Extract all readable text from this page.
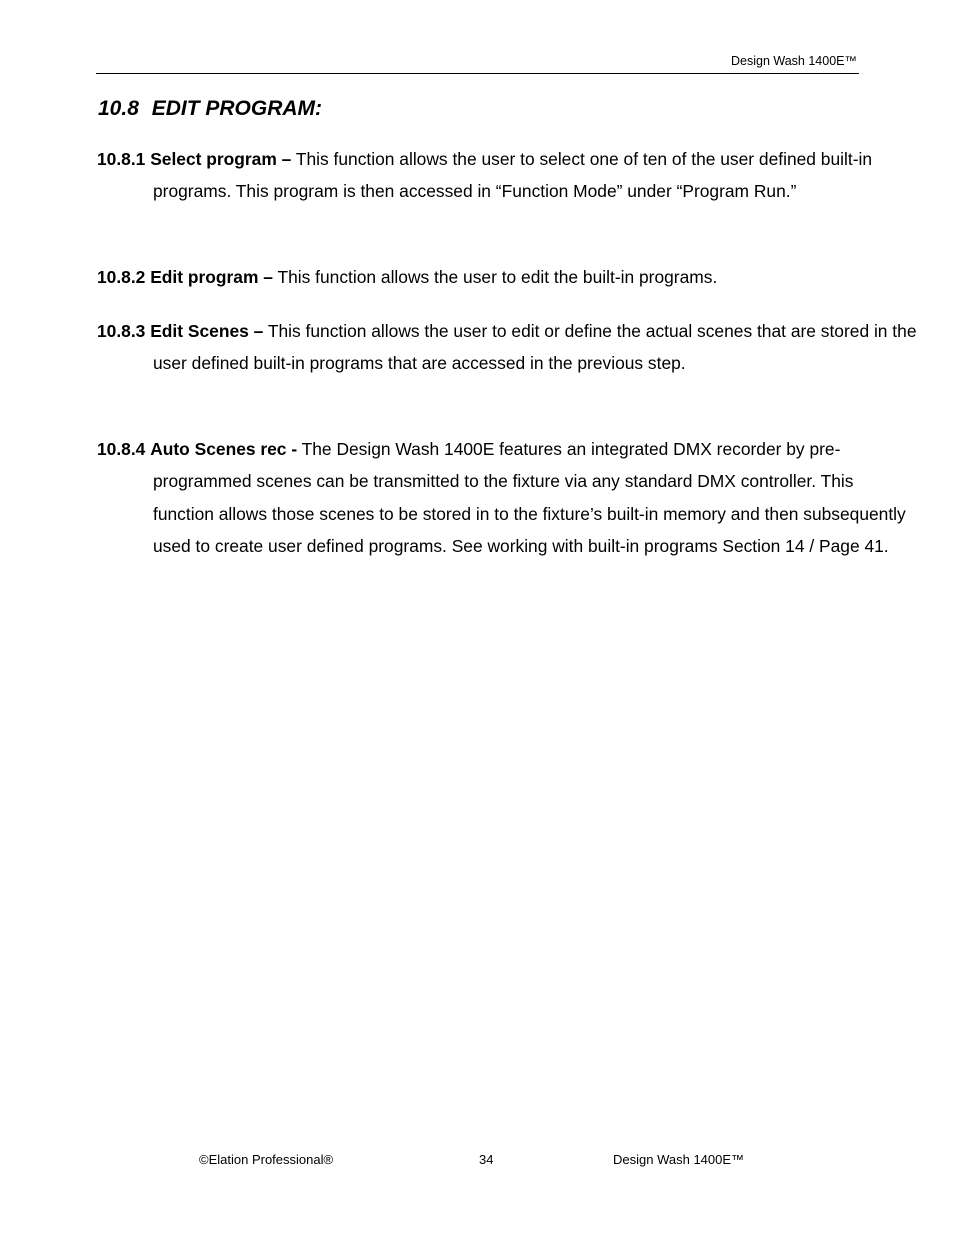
Design Wash 1400E™
10.8 EDIT PROGRAM:

10.8.1 Select program – This function allows the user to select one of ten of the user defined built-in programs. This program is then accessed in “Function Mode” under “Program Run.”

10.8.2 Edit program – This function allows the user to edit the built-in programs.

10.8.3 Edit Scenes – This function allows the user to edit or define the actual scenes that are stored in the user defined built-in programs that are accessed in the previous step.

10.8.4 Auto Scenes rec - The Design Wash 1400E features an integrated DMX recorder by pre-programmed scenes can be transmitted to the fixture via any standard DMX controller. This function allows those scenes to be stored in to the fixture’s built-in memory and then subsequently used to create user defined programs. See working with built-in programs Section 14 / Page 41.

©Elation Professional®	34	Design Wash 1400E™
